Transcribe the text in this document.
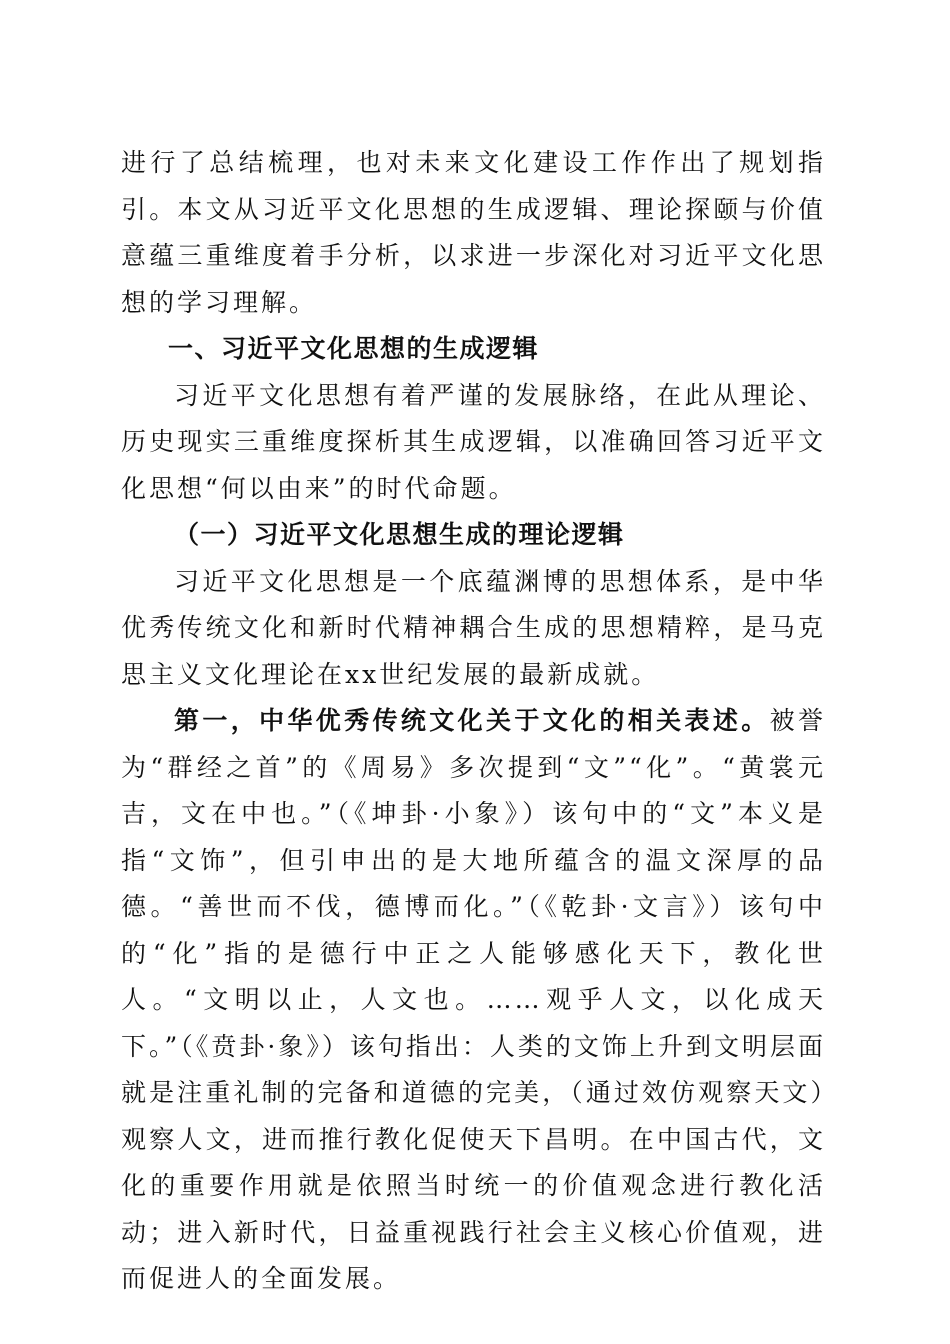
进行了总结梳理，也对未来文化建设工作作出了规划指引。本文从习近平文化思想的生成逻辑、理论探颐与价值意蕴三重维度着手分析，以求进一步深化对习近平文化思想的学习理解。

一、习近平文化思想的生成逻辑

习近平文化思想有着严谨的发展脉络，在此从理论、历史现实三重维度探析其生成逻辑，以准确回答习近平文化思想“何以由来”的时代命题。

（一）习近平文化思想生成的理论逻辑

习近平文化思想是一个底蕴渊博的思想体系，是中华优秀传统文化和新时代精神耦合生成的思想精粹，是马克思主义文化理论在xx世纪发展的最新成就。

第一，中华优秀传统文化关于文化的相关表述。被誉为“群经之首”的《周易》多次提到“文”“化”。“黄裳元吉，文在中也。”（《坤卦·小象》）该句中的“文”本义是指“文饰”，但引申出的是大地所蕴含的温文深厚的品德。“善世而不伐，德博而化。”（《乾卦·文言》）该句中的“化”指的是德行中正之人能够感化天下，教化世人。“文明以止，人文也。……观乎人文，以化成天下。”（《贲卦·象》）该句指出：人类的文饰上升到文明层面就是注重礼制的完备和道德的完美，（通过效仿观察天文）观察人文，进而推行教化促使天下昌明。在中国古代，文化的重要作用就是依照当时统一的价值观念进行教化活动；进入新时代，日益重视践行社会主义核心价值观，进而促进人的全面发展。
